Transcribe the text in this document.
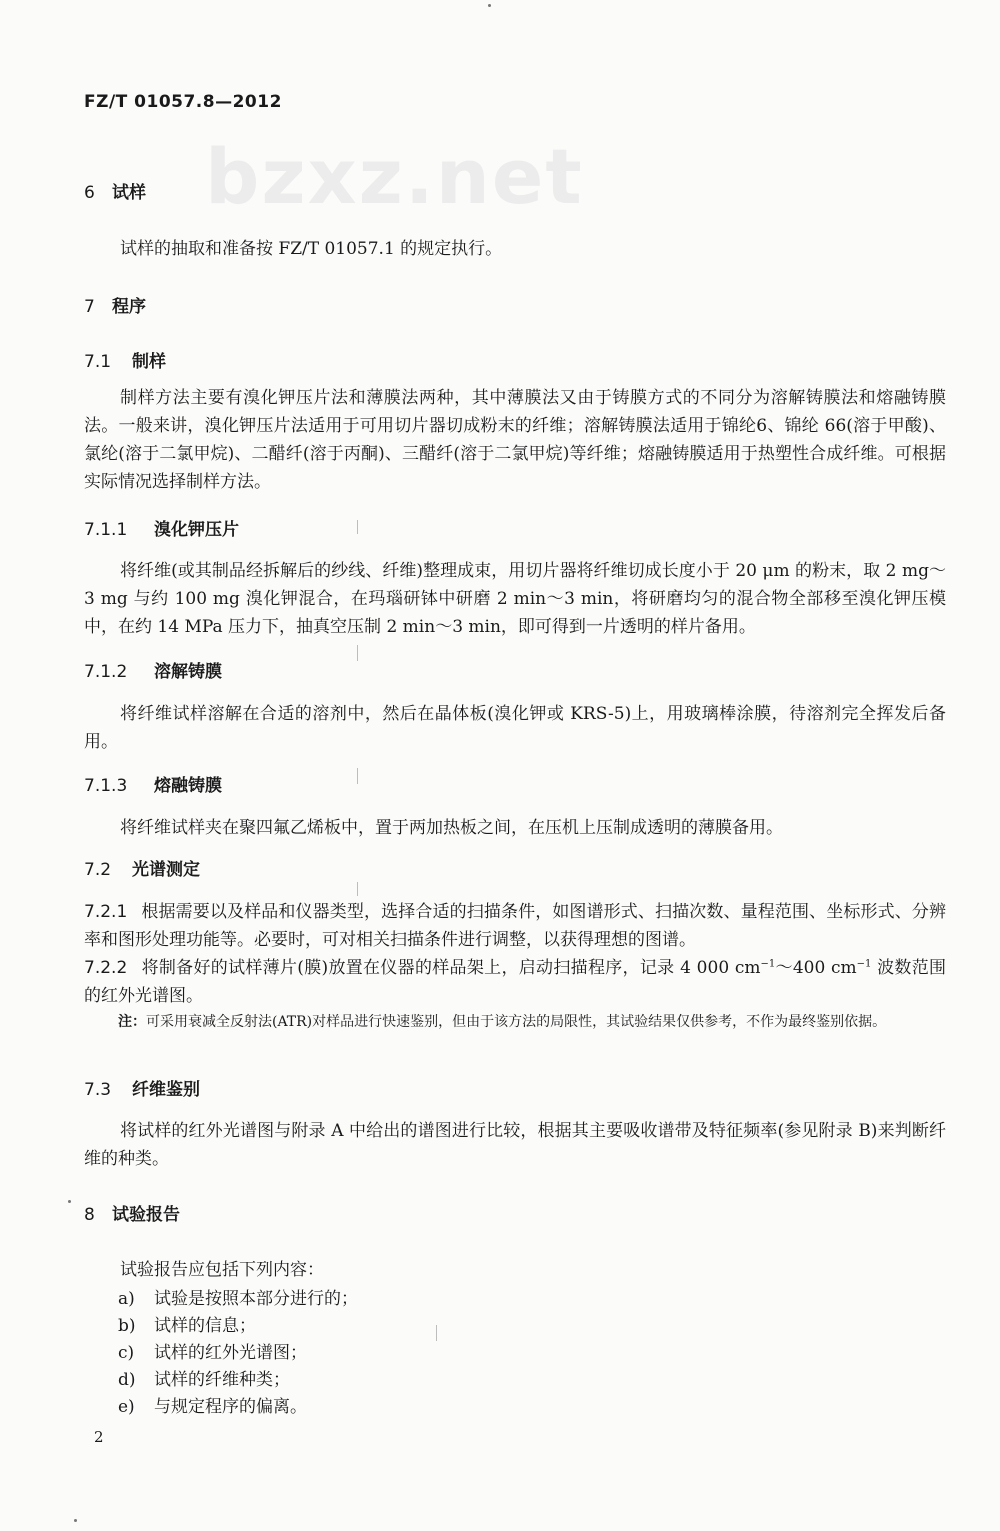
FZ/T 01057.8—2012
bzxz.net
6 试样
试样的抽取和准备按 FZ/T 01057.1 的规定执行。
7 程序
7.1 制样
制样方法主要有溴化钾压片法和薄膜法两种，其中薄膜法又由于铸膜方式的不同分为溶解铸膜法和熔融铸膜法。一般来讲，溴化钾压片法适用于可用切片器切成粉末的纤维；溶解铸膜法适用于锦纶6、锦纶 66(溶于甲酸)、氯纶(溶于二氯甲烷)、二醋纤(溶于丙酮)、三醋纤(溶于二氯甲烷)等纤维；熔融铸膜适用于热塑性合成纤维。可根据实际情况选择制样方法。
7.1.1 溴化钾压片
将纤维(或其制品经拆解后的纱线、纤维)整理成束，用切片器将纤维切成长度小于 20 μm 的粉末，取 2 mg～3 mg 与约 100 mg 溴化钾混合，在玛瑙研钵中研磨 2 min～3 min，将研磨均匀的混合物全部移至溴化钾压模中，在约 14 MPa 压力下，抽真空压制 2 min～3 min，即可得到一片透明的样片备用。
7.1.2 溶解铸膜
将纤维试样溶解在合适的溶剂中，然后在晶体板(溴化钾或 KRS-5)上，用玻璃棒涂膜，待溶剂完全挥发后备用。
7.1.3 熔融铸膜
将纤维试样夹在聚四氟乙烯板中，置于两加热板之间，在压机上压制成透明的薄膜备用。
7.2 光谱测定
7.2.1 根据需要以及样品和仪器类型，选择合适的扫描条件，如图谱形式、扫描次数、量程范围、坐标形式、分辨率和图形处理功能等。必要时，可对相关扫描条件进行调整，以获得理想的图谱。
7.2.2 将制备好的试样薄片(膜)放置在仪器的样品架上，启动扫描程序，记录 4 000 $cm^{-1}\sim 400$ $cm^{-1}$ 波数范围的红外光谱图。
注：可采用衰减全反射法(ATR)对样品进行快速鉴别，但由于该方法的局限性，其试验结果仅供参考，不作为最终鉴别依据。
7.3 纤维鉴别
将试样的红外光谱图与附录 A 中给出的谱图进行比较，根据其主要吸收谱带及特征频率(参见附录 B)来判断纤维的种类。
8 试验报告
试验报告应包括下列内容：
a) 试验是按照本部分进行的；
b) 试样的信息；
c) 试样的红外光谱图；
d) 试样的纤维种类；
e) 与规定程序的偏离。
2
